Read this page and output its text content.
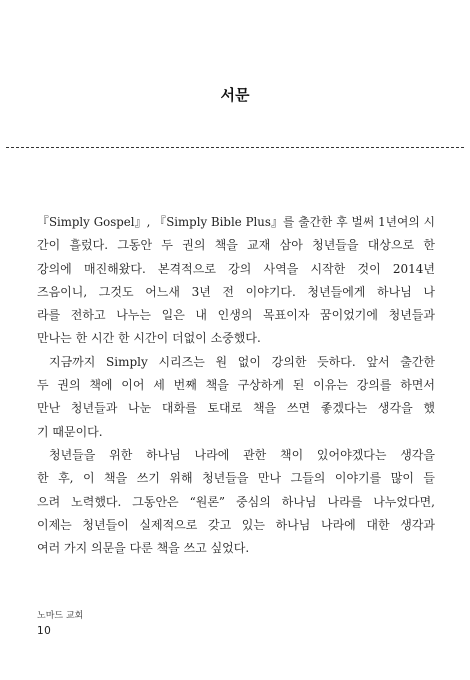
서문

『Simply Gospel』, 『Simply Bible Plus』를 출간한 후 벌써 1년여의 시
간이 흘렀다. 그동안 두 권의 책을 교재 삼아 청년들을 대상으로 한
강의에 매진해왔다. 본격적으로 강의 사역을 시작한 것이 2014년
즈음이니, 그것도 어느새 3년 전 이야기다. 청년들에게 하나님 나
라를 전하고 나누는 일은 내 인생의 목표이자 꿈이었기에 청년들과
만나는 한 시간 한 시간이 더없이 소중했다.

지금까지 Simply 시리즈는 원 없이 강의한 듯하다. 앞서 출간한
두 권의 책에 이어 세 번째 책을 구상하게 된 이유는 강의를 하면서
만난 청년들과 나눈 대화를 토대로 책을 쓰면 좋겠다는 생각을 했
기 때문이다.

청년들을 위한 하나님 나라에 관한 책이 있어야겠다는 생각을
한 후, 이 책을 쓰기 위해 청년들을 만나 그들의 이야기를 많이 들
으려 노력했다. 그동안은 “원론” 중심의 하나님 나라를 나누었다면,
이제는 청년들이 실제적으로 갖고 있는 하나님 나라에 대한 생각과
여러 가지 의문을 다룬 책을 쓰고 싶었다.

노마드 교회
10
